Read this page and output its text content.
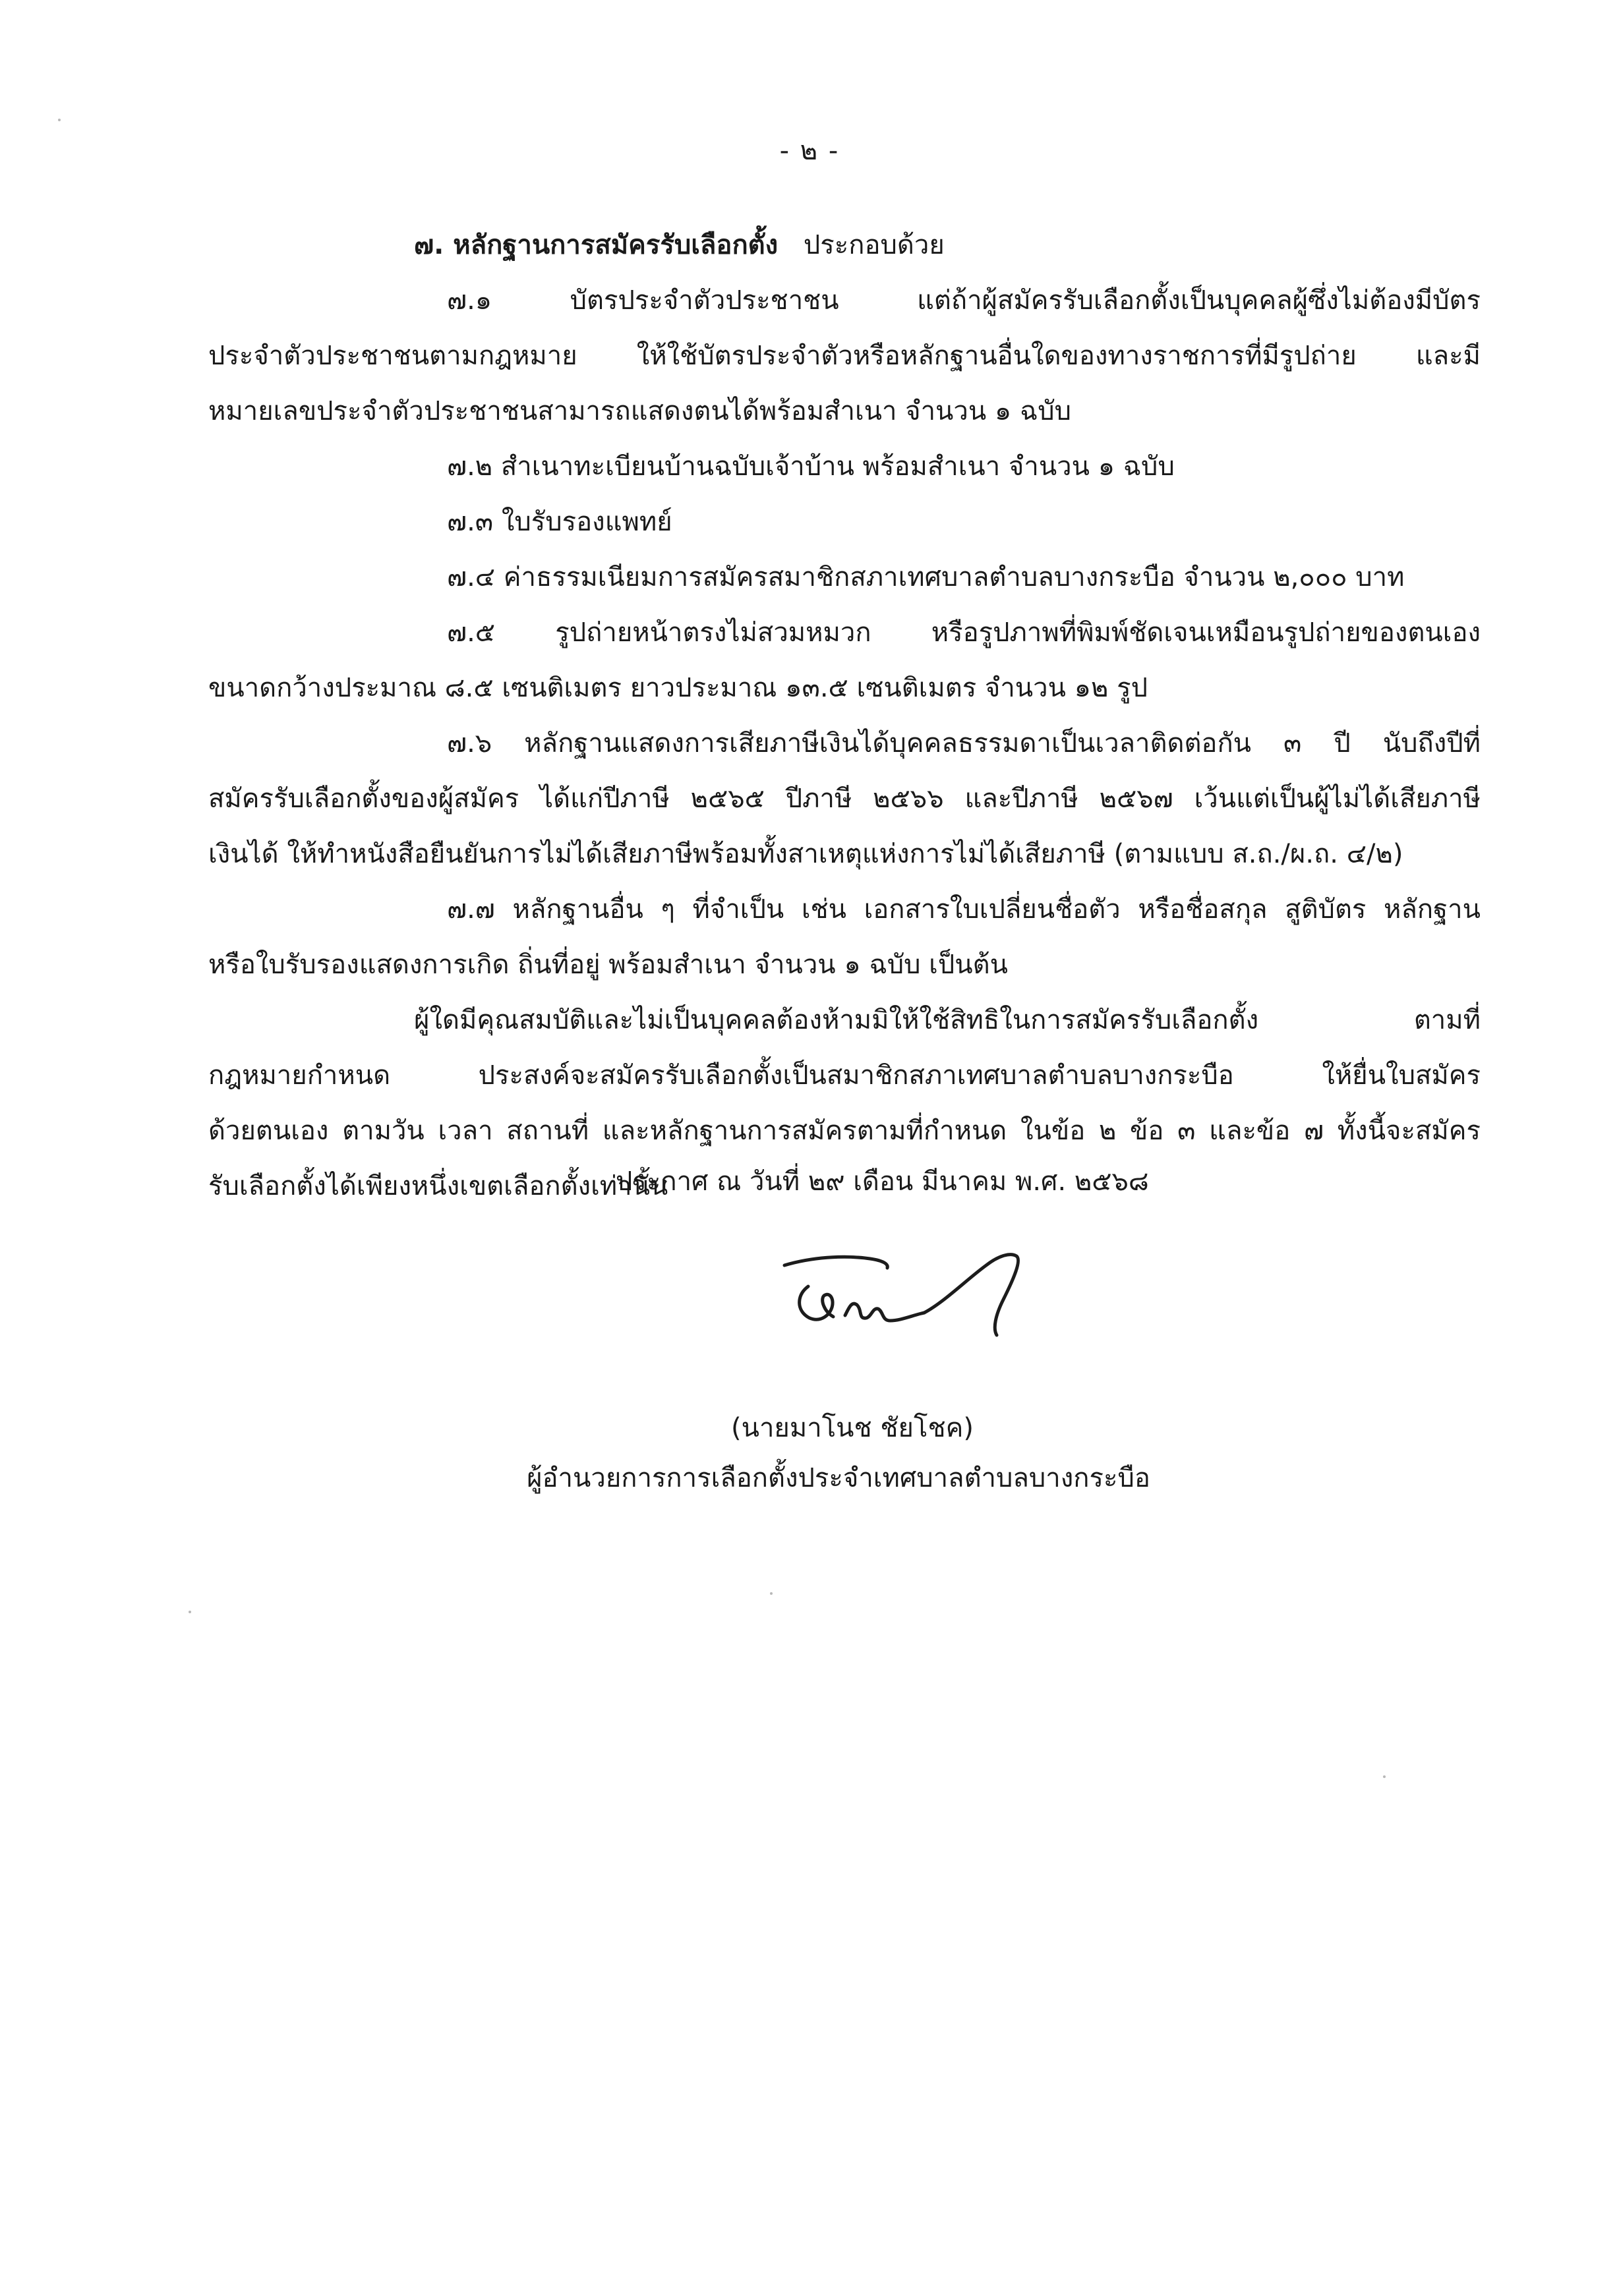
- ๒ -
๗. หลักฐานการสมัครรับเลือกตั้ง ประกอบด้วย
๗.๑ บัตรประจำตัวประชาชน แต่ถ้าผู้สมัครรับเลือกตั้งเป็นบุคคลผู้ซึ่งไม่ต้องมีบัตร
ประจำตัวประชาชนตามกฎหมาย ให้ใช้บัตรประจำตัวหรือหลักฐานอื่นใดของทางราชการที่มีรูปถ่าย และมี
หมายเลขประจำตัวประชาชนสามารถแสดงตนได้พร้อมสำเนา จำนวน ๑ ฉบับ
๗.๒ สำเนาทะเบียนบ้านฉบับเจ้าบ้าน พร้อมสำเนา จำนวน ๑ ฉบับ
๗.๓ ใบรับรองแพทย์
๗.๔ ค่าธรรมเนียมการสมัครสมาชิกสภาเทศบาลตำบลบางกระบือ จำนวน ๒,๐๐๐ บาท
๗.๕ รูปถ่ายหน้าตรงไม่สวมหมวก หรือรูปภาพที่พิมพ์ชัดเจนเหมือนรูปถ่ายของตนเอง
ขนาดกว้างประมาณ ๘.๕ เซนติเมตร ยาวประมาณ ๑๓.๕ เซนติเมตร จำนวน ๑๒ รูป
๗.๖ หลักฐานแสดงการเสียภาษีเงินได้บุคคลธรรมดาเป็นเวลาติดต่อกัน ๓ ปี นับถึงปีที่
สมัครรับเลือกตั้งของผู้สมัคร ได้แก่ปีภาษี ๒๕๖๕ ปีภาษี ๒๕๖๖ และปีภาษี ๒๕๖๗ เว้นแต่เป็นผู้ไม่ได้เสียภาษี
เงินได้ ให้ทำหนังสือยืนยันการไม่ได้เสียภาษีพร้อมทั้งสาเหตุแห่งการไม่ได้เสียภาษี (ตามแบบ ส.ถ./ผ.ถ. ๔/๒)
๗.๗ หลักฐานอื่น ๆ ที่จำเป็น เช่น เอกสารใบเปลี่ยนชื่อตัว หรือชื่อสกุล สูติบัตร หลักฐาน
หรือใบรับรองแสดงการเกิด ถิ่นที่อยู่ พร้อมสำเนา จำนวน ๑ ฉบับ เป็นต้น
ผู้ใดมีคุณสมบัติและไม่เป็นบุคคลต้องห้ามมิให้ใช้สิทธิในการสมัครรับเลือกตั้ง ตามที่
กฎหมายกำหนด ประสงค์จะสมัครรับเลือกตั้งเป็นสมาชิกสภาเทศบาลตำบลบางกระบือ ให้ยื่นใบสมัคร
ด้วยตนเอง ตามวัน เวลา สถานที่ และหลักฐานการสมัครตามที่กำหนด ในข้อ ๒ ข้อ ๓ และข้อ ๗ ทั้งนี้จะสมัคร
รับเลือกตั้งได้เพียงหนึ่งเขตเลือกตั้งเท่านั้น
ประกาศ ณ วันที่ ๒๙ เดือน มีนาคม พ.ศ. ๒๕๖๘
(นายมาโนช ชัยโชค)
ผู้อำนวยการการเลือกตั้งประจำเทศบาลตำบลบางกระบือ
